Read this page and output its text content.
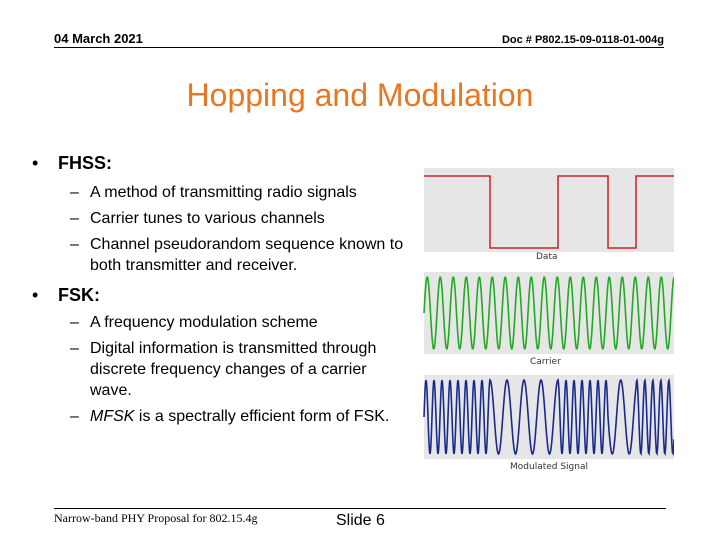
04 March 2021	Doc # P802.15-09-0118-01-004g
Hopping and Modulation
• FHSS:
– A method of transmitting radio signals
– Carrier tunes to various channels
– Channel pseudorandom sequence known to both transmitter and receiver.
• FSK:
– A frequency modulation scheme
– Digital information is transmitted through discrete frequency changes of a carrier wave.
– MFSK is a spectrally efficient form of FSK.
Data
Carrier
Modulated Signal
Narrow-band PHY Proposal for 802.15.4g	Slide 6
